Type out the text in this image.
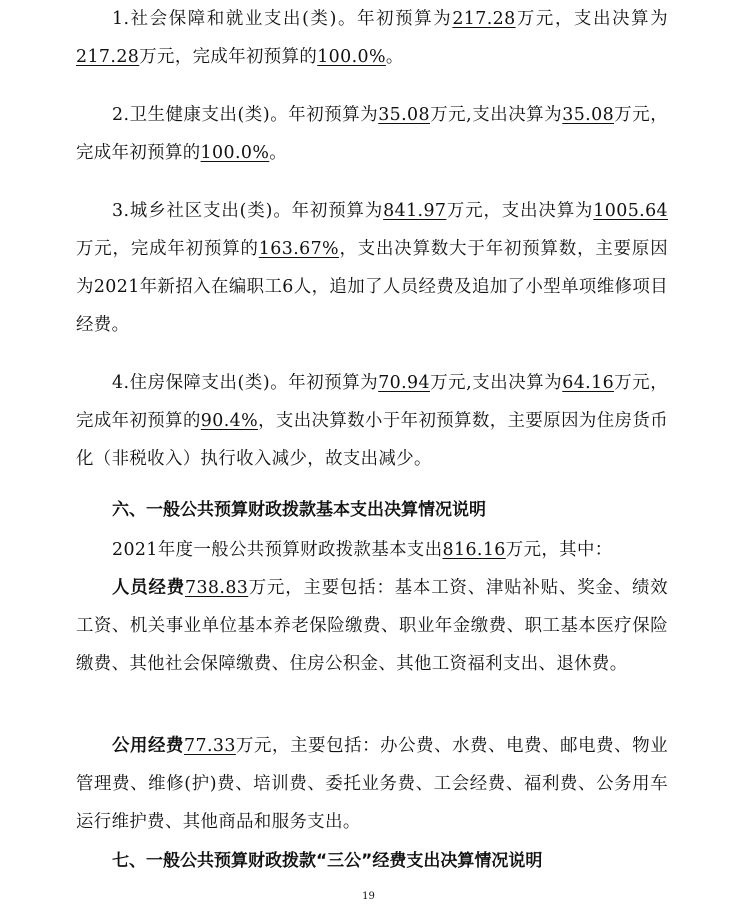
1.社会保障和就业支出(类)。年初预算为217.28万元，支出决算为217.28万元，完成年初预算的100.0%。

2.卫生健康支出(类)。年初预算为35.08万元,支出决算为35.08万元，完成年初预算的100.0%。

3.城乡社区支出(类)。年初预算为841.97万元，支出决算为1005.64万元，完成年初预算的163.67%，支出决算数大于年初预算数，主要原因为2021年新招入在编职工6人，追加了人员经费及追加了小型单项维修项目经费。

4.住房保障支出(类)。年初预算为70.94万元,支出决算为64.16万元，完成年初预算的90.4%，支出决算数小于年初预算数，主要原因为住房货币化（非税收入）执行收入减少，故支出减少。

六、一般公共预算财政拨款基本支出决算情况说明

2021年度一般公共预算财政拨款基本支出816.16万元，其中：

人员经费738.83万元，主要包括：基本工资、津贴补贴、奖金、绩效工资、机关事业单位基本养老保险缴费、职业年金缴费、职工基本医疗保险缴费、其他社会保障缴费、住房公积金、其他工资福利支出、退休费。

公用经费77.33万元，主要包括：办公费、水费、电费、邮电费、物业管理费、维修(护)费、培训费、委托业务费、工会经费、福利费、公务用车运行维护费、其他商品和服务支出。

七、一般公共预算财政拨款“三公”经费支出决算情况说明

19
